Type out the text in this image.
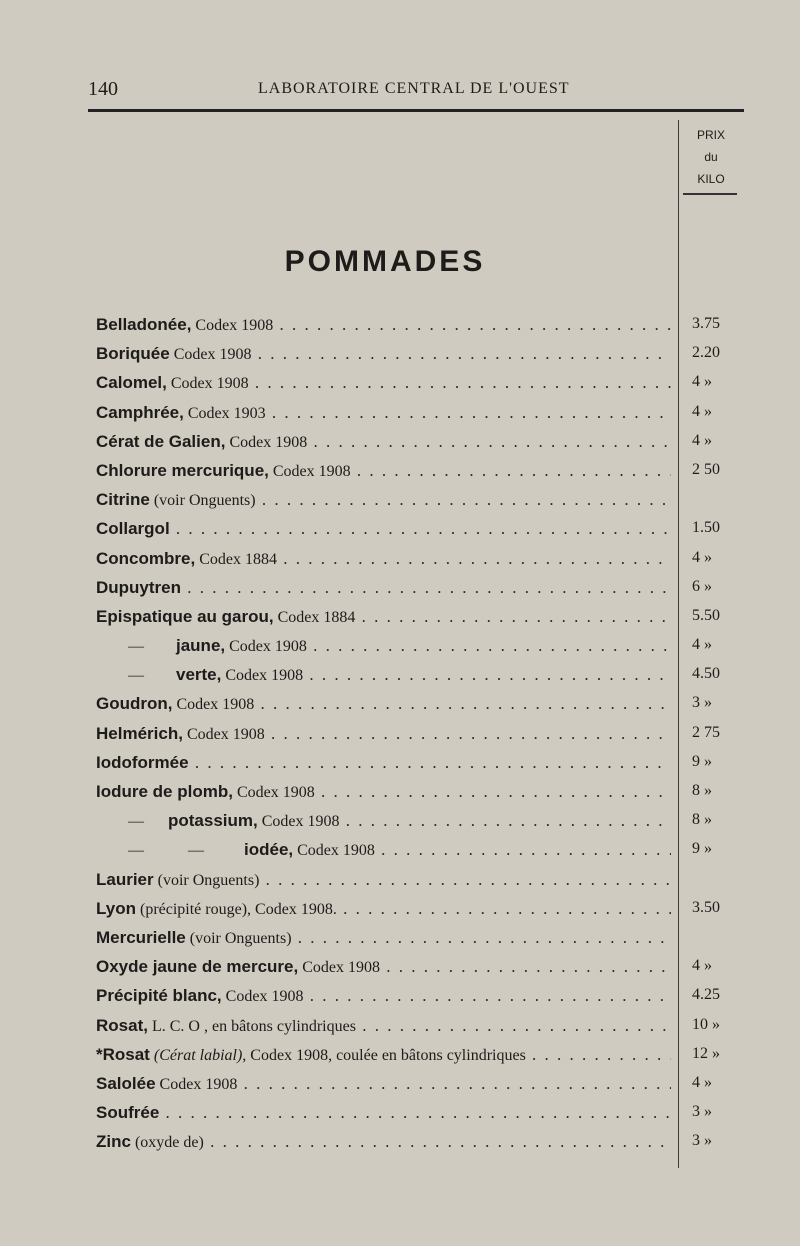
140	LABORATOIRE CENTRAL DE L'OUEST
PRIX
du
KILO
POMMADES
Belladonée, Codex 1908 . . .	3.75
Boriquée Codex 1908 . . .	2.20
Calomel, Codex 1908 . . .	4 »
Camphrée, Codex 1903 . . .	4 »
Cérat de Galien, Codex 1908 . . .	4 »
Chlorure mercurique, Codex 1908 . . .	2 50
Citrine (voir Onguents) . . .
Collargol . . .	1.50
Concombre, Codex 1884 . . .	4 »
Dupuytren . . .	6 »
Epispatique au garou, Codex 1884 . . .	5.50
—        jaune, Codex 1908 . . .	4 »
—        verte, Codex 1908 . . .	4.50
Goudron, Codex 1908 . . .	3 »
Helmérich, Codex 1908 . . .	2 75
Iodoformée . . .	9 »
Iodure de plomb, Codex 1908 . . .	8 »
—      potassium, Codex 1908 . . .	8 »
—           —          iodée, Codex 1908 . . .	9 »
Laurier (voir Onguents) . . .
Lyon (précipité rouge), Codex 1908. . . .	3.50
Mercurielle (voir Onguents) . . .
Oxyde jaune de mercure, Codex 1908 . . .	4 »
Précipité blanc, Codex 1908 . . .	4.25
Rosat, L. C. O , en bâtons cylindriques . . .	10 »
*Rosat (Cérat labial), Codex 1908, coulée en bâtons cylindriques . . .	12 »
Salolée Codex 1908 . . .	4 »
Soufrée . . .	3 »
Zinc (oxyde de) . . .	3 »
